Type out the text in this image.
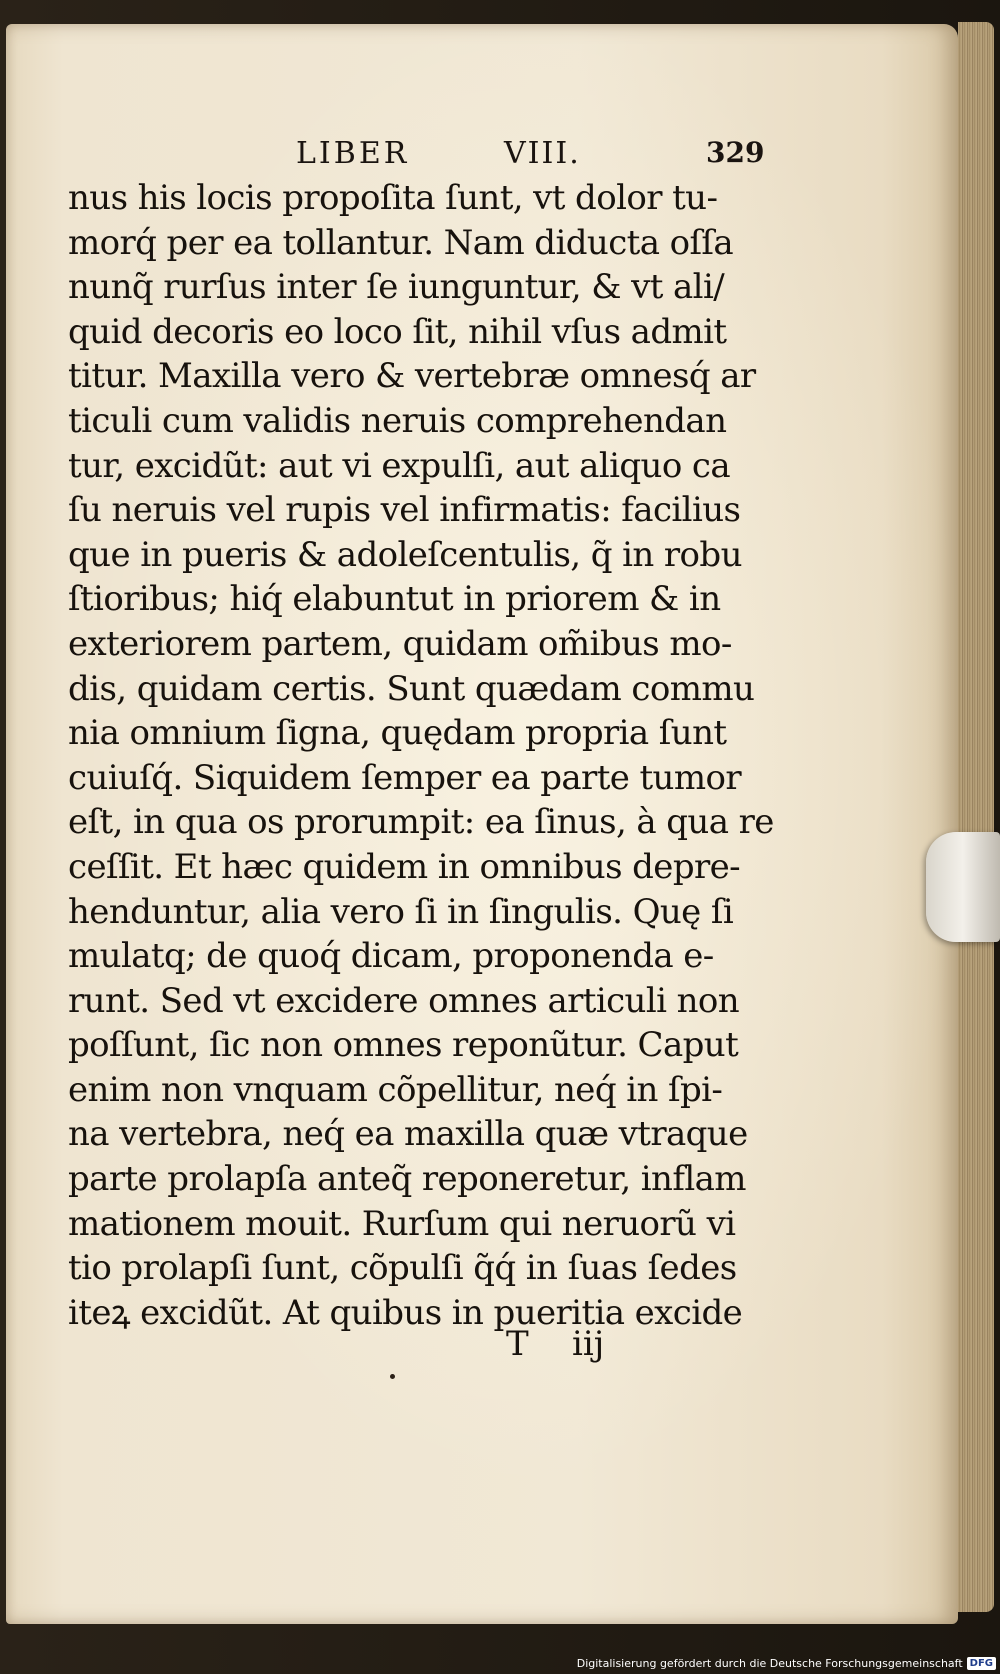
LIBER	VIII.	329
nus his locis propoſita ſunt, vt dolor tu-
morq́ per ea tollantur. Nam diducta oſſa
nunq̃ rurſus inter ſe iunguntur, & vt ali/
quid decoris eo loco ſit, nihil vſus admit
titur. Maxilla vero & vertebræ omnesq́ ar
ticuli cum validis neruis comprehendan
tur, excidũt: aut vi expulſi, aut aliquo ca
ſu neruis vel rupis vel infirmatis: facilius
que in pueris & adoleſcentulis, q̃ in robu
ſtioribus; hiq́ elabuntut in priorem & in
exteriorem partem, quidam om̃ibus mo-
dis, quidam certis. Sunt quædam commu
nia omnium ſigna, quędam propria ſunt
cuiuſq́. Siquidem ſemper ea parte tumor
eſt, in qua os prorumpit: ea ſinus, à qua re
ceſſit. Et hæc quidem in omnibus depre-
henduntur, alia vero ſi in ſingulis. Quę ſi
mulatq; de quoq́ dicam, proponenda e-
runt. Sed vt excidere omnes articuli non
poſſunt, ſic non omnes reponũtur. Caput
enim non vnquam cõpellitur, neq́ in ſpi-
na vertebra, neq́ ea maxilla quæ vtraque
parte prolapſa anteq̃ reponeretur, inflam
mationem mouit. Rurſum qui neruorũ vi
tio prolapſi ſunt, cõpulſi q̃q́ in ſuas ſedes
iteꝝ excidũt. At quibus in pueritia excide
T iij
Digitalisierung gefördert durch die Deutsche Forschungsgemeinschaft DFG
